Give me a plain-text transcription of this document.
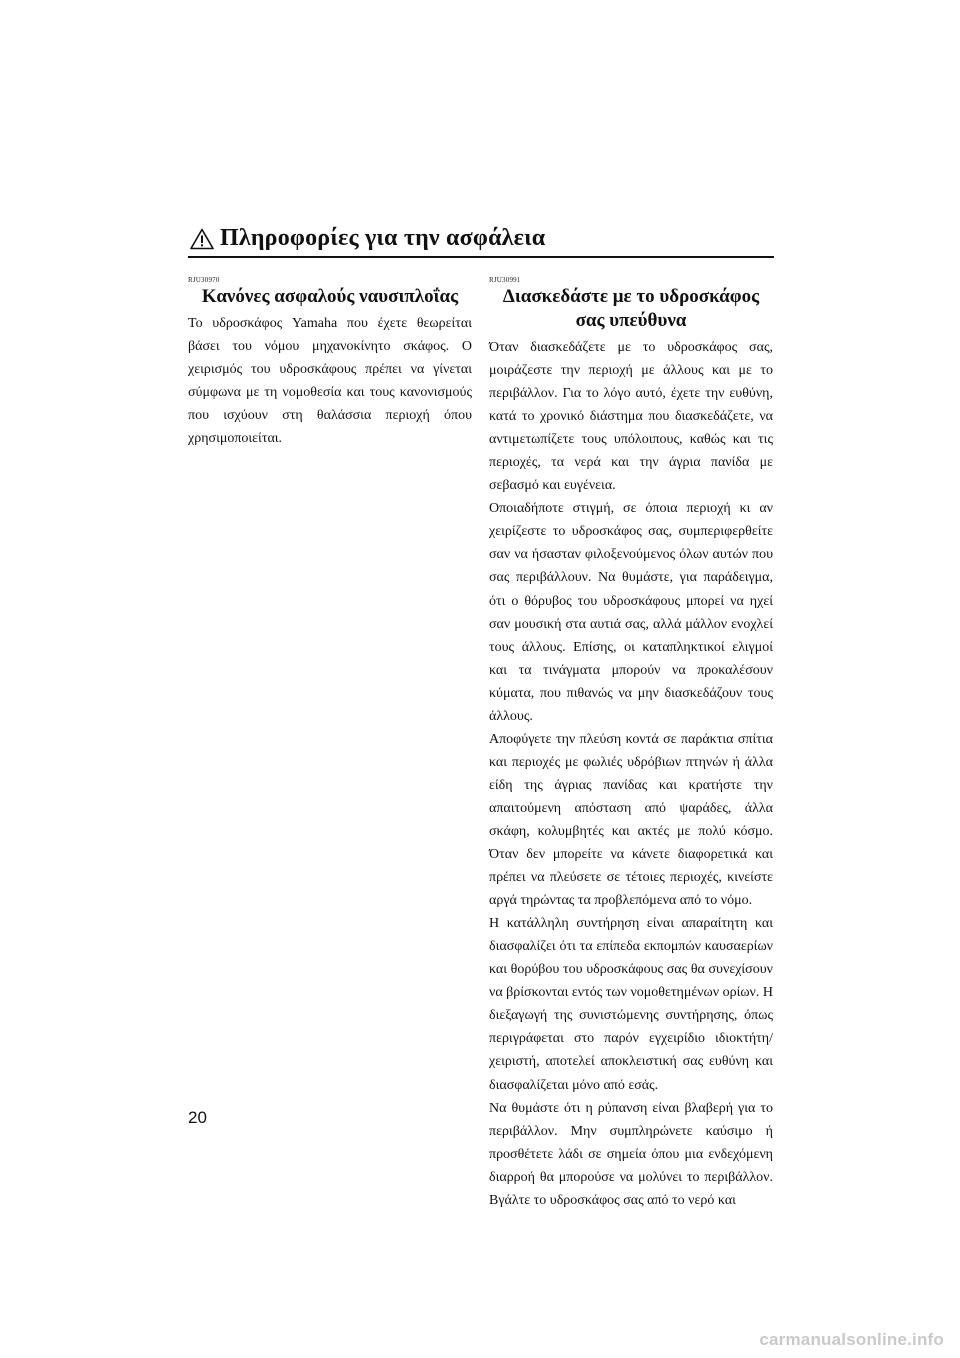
Πληροφορίες για την ασφάλεια
RJU30970
Κανόνες ασφαλούς ναυσιπλοΐας

Το υδροσκάφος Yamaha που έχετε θεωρείται βάσει του νόμου μηχανοκίνητο σκάφος. Ο χειρισμός του υδροσκάφους πρέπει να γίνεται σύμφωνα με τη νομοθεσία και τους κανονισμούς που ισχύουν στη θαλάσσια περιοχή όπου χρησιμοποιείται.

RJU30991
Διασκεδάστε με το υδροσκάφος
σας υπεύθυνα

Όταν διασκεδάζετε με το υδροσκάφος σας, μοιράζεστε την περιοχή με άλλους και με το περιβάλλον. Για το λόγο αυτό, έχετε την ευθύνη, κατά το χρονικό διάστημα που διασκεδάζετε, να αντιμετωπίζετε τους υπόλοιπους, καθώς και τις περιοχές, τα νερά και την άγρια πανίδα με σεβασμό και ευγένεια.

Οποιαδήποτε στιγμή, σε όποια περιοχή κι αν χειρίζεστε το υδροσκάφος σας, συμπεριφερθείτε σαν να ήσασταν φιλοξενούμενος όλων αυτών που σας περιβάλλουν. Να θυμάστε, για παράδειγμα, ότι ο θόρυβος του υδροσκάφους μπορεί να ηχεί σαν μουσική στα αυτιά σας, αλλά μάλλον ενοχλεί τους άλλους. Επίσης, οι καταπληκτικοί ελιγμοί και τα τινάγματα μπορούν να προκαλέσουν κύματα, που πιθανώς να μην διασκεδάζουν τους άλλους.

Αποφύγετε την πλεύση κοντά σε παράκτια σπίτια και περιοχές με φωλιές υδρόβιων πτηνών ή άλλα είδη της άγριας πανίδας και κρατήστε την απαιτούμενη απόσταση από ψαράδες, άλλα σκάφη, κολυμβητές και ακτές με πολύ κόσμο. Όταν δεν μπορείτε να κάνετε διαφορετικά και πρέπει να πλεύσετε σε τέτοιες περιοχές, κινείστε αργά τηρώντας τα προβλεπόμενα από το νόμο.

Η κατάλληλη συντήρηση είναι απαραίτητη και διασφαλίζει ότι τα επίπεδα εκπομπών καυσαερίων και θορύβου του υδροσκάφους σας θα συνεχίσουν να βρίσκονται εντός των νομοθετημένων ορίων. Η διεξαγωγή της συνιστώμενης συντήρησης, όπως περιγράφεται στο παρόν εγχειρίδιο ιδιοκτήτη/χειριστή, αποτελεί αποκλειστική σας ευθύνη και διασφαλίζεται μόνο από εσάς.

Να θυμάστε ότι η ρύπανση είναι βλαβερή για το περιβάλλον. Μην συμπληρώνετε καύσιμο ή προσθέτετε λάδι σε σημεία όπου μια ενδεχόμενη διαρροή θα μπορούσε να μολύνει το περιβάλλον. Βγάλτε το υδροσκάφος σας από το νερό και

20
carmanualsonline.info
